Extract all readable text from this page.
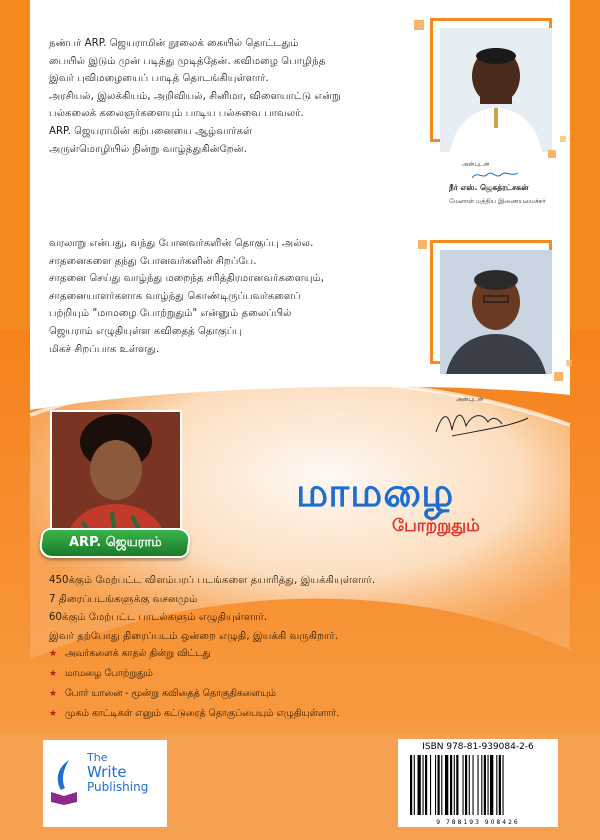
நண்பர் ARP. ஜெயராமின் நூலைக் கையில் தொட்டதும்

பையில் இடும் முன் படித்து முடித்தேன். கவிமழை பொழிந்த

இவர் புவிமழையைப் பாடித் தொடங்கியுள்ளார்.

அரசியல், இலக்கியம், அறிவியல், சினிமா, விளையாட்டு என்று

பல்கலைக் கலைஞர்களையும் பாடிய பல்சுவை பாவலர்.

ARP. ஜெயராமின் கற்பனையை ஆழ்வார்கள்

அருள்மொழியில் நின்று வாழ்த்துகின்றேன்.

அன்புடன்
நீர் எஸ். ஜெகத்ரட்சகன்
மேனாள் மத்திய இணையமைச்சர்

வரலாறு என்பது, வந்து போனவர்களின் தொகுப்பு அல்ல.

சாதனைகளை தந்து போனவர்களின் சிறப்பே.

சாதனை செய்து வாழ்ந்து மறைந்த சரித்திரமானவர்களையும்,

சாதனையாளர்களாக வாழ்ந்து கொண்டிருப்பவர்களைப்

பற்றியும் "மாமழை போற்றுதும்" என்னும் தலைப்பில்

ஜெயராம் எழுதியுள்ள கவிதைத் தொகுப்பு

மிகச் சிறப்பாக உள்ளது.

அன்புடன்
ARP. ஜெயராம்
மாமழை
போற்றுதும்

450க்கும் மேற்பட்ட விளம்பரப் படங்களை தயாரித்து, இயக்கியுள்ளார்.

7 திரைப்படங்களுக்கு வசனமும்

60க்கும் மேற்பட்ட பாடல்களும் எழுதியுள்ளார்.

இவர் தற்போது திரைப்படம் ஒன்றை எழுதி, இயக்கி வருகிறார்.

★ அவர்களைக் காதல் தின்று விட்டது
★ மாமழை போற்றுதும்
★ போர் யானை - மூன்று கவிதைத் தொகுதிகளையும்
★ முகம் காட்டிகள் எனும் கட்டுரைத் தொகுப்பையும் எழுதியுள்ளார்.
The
Write
Publishing
ISBN 978-81-939084-2-6
9 788193 908426
